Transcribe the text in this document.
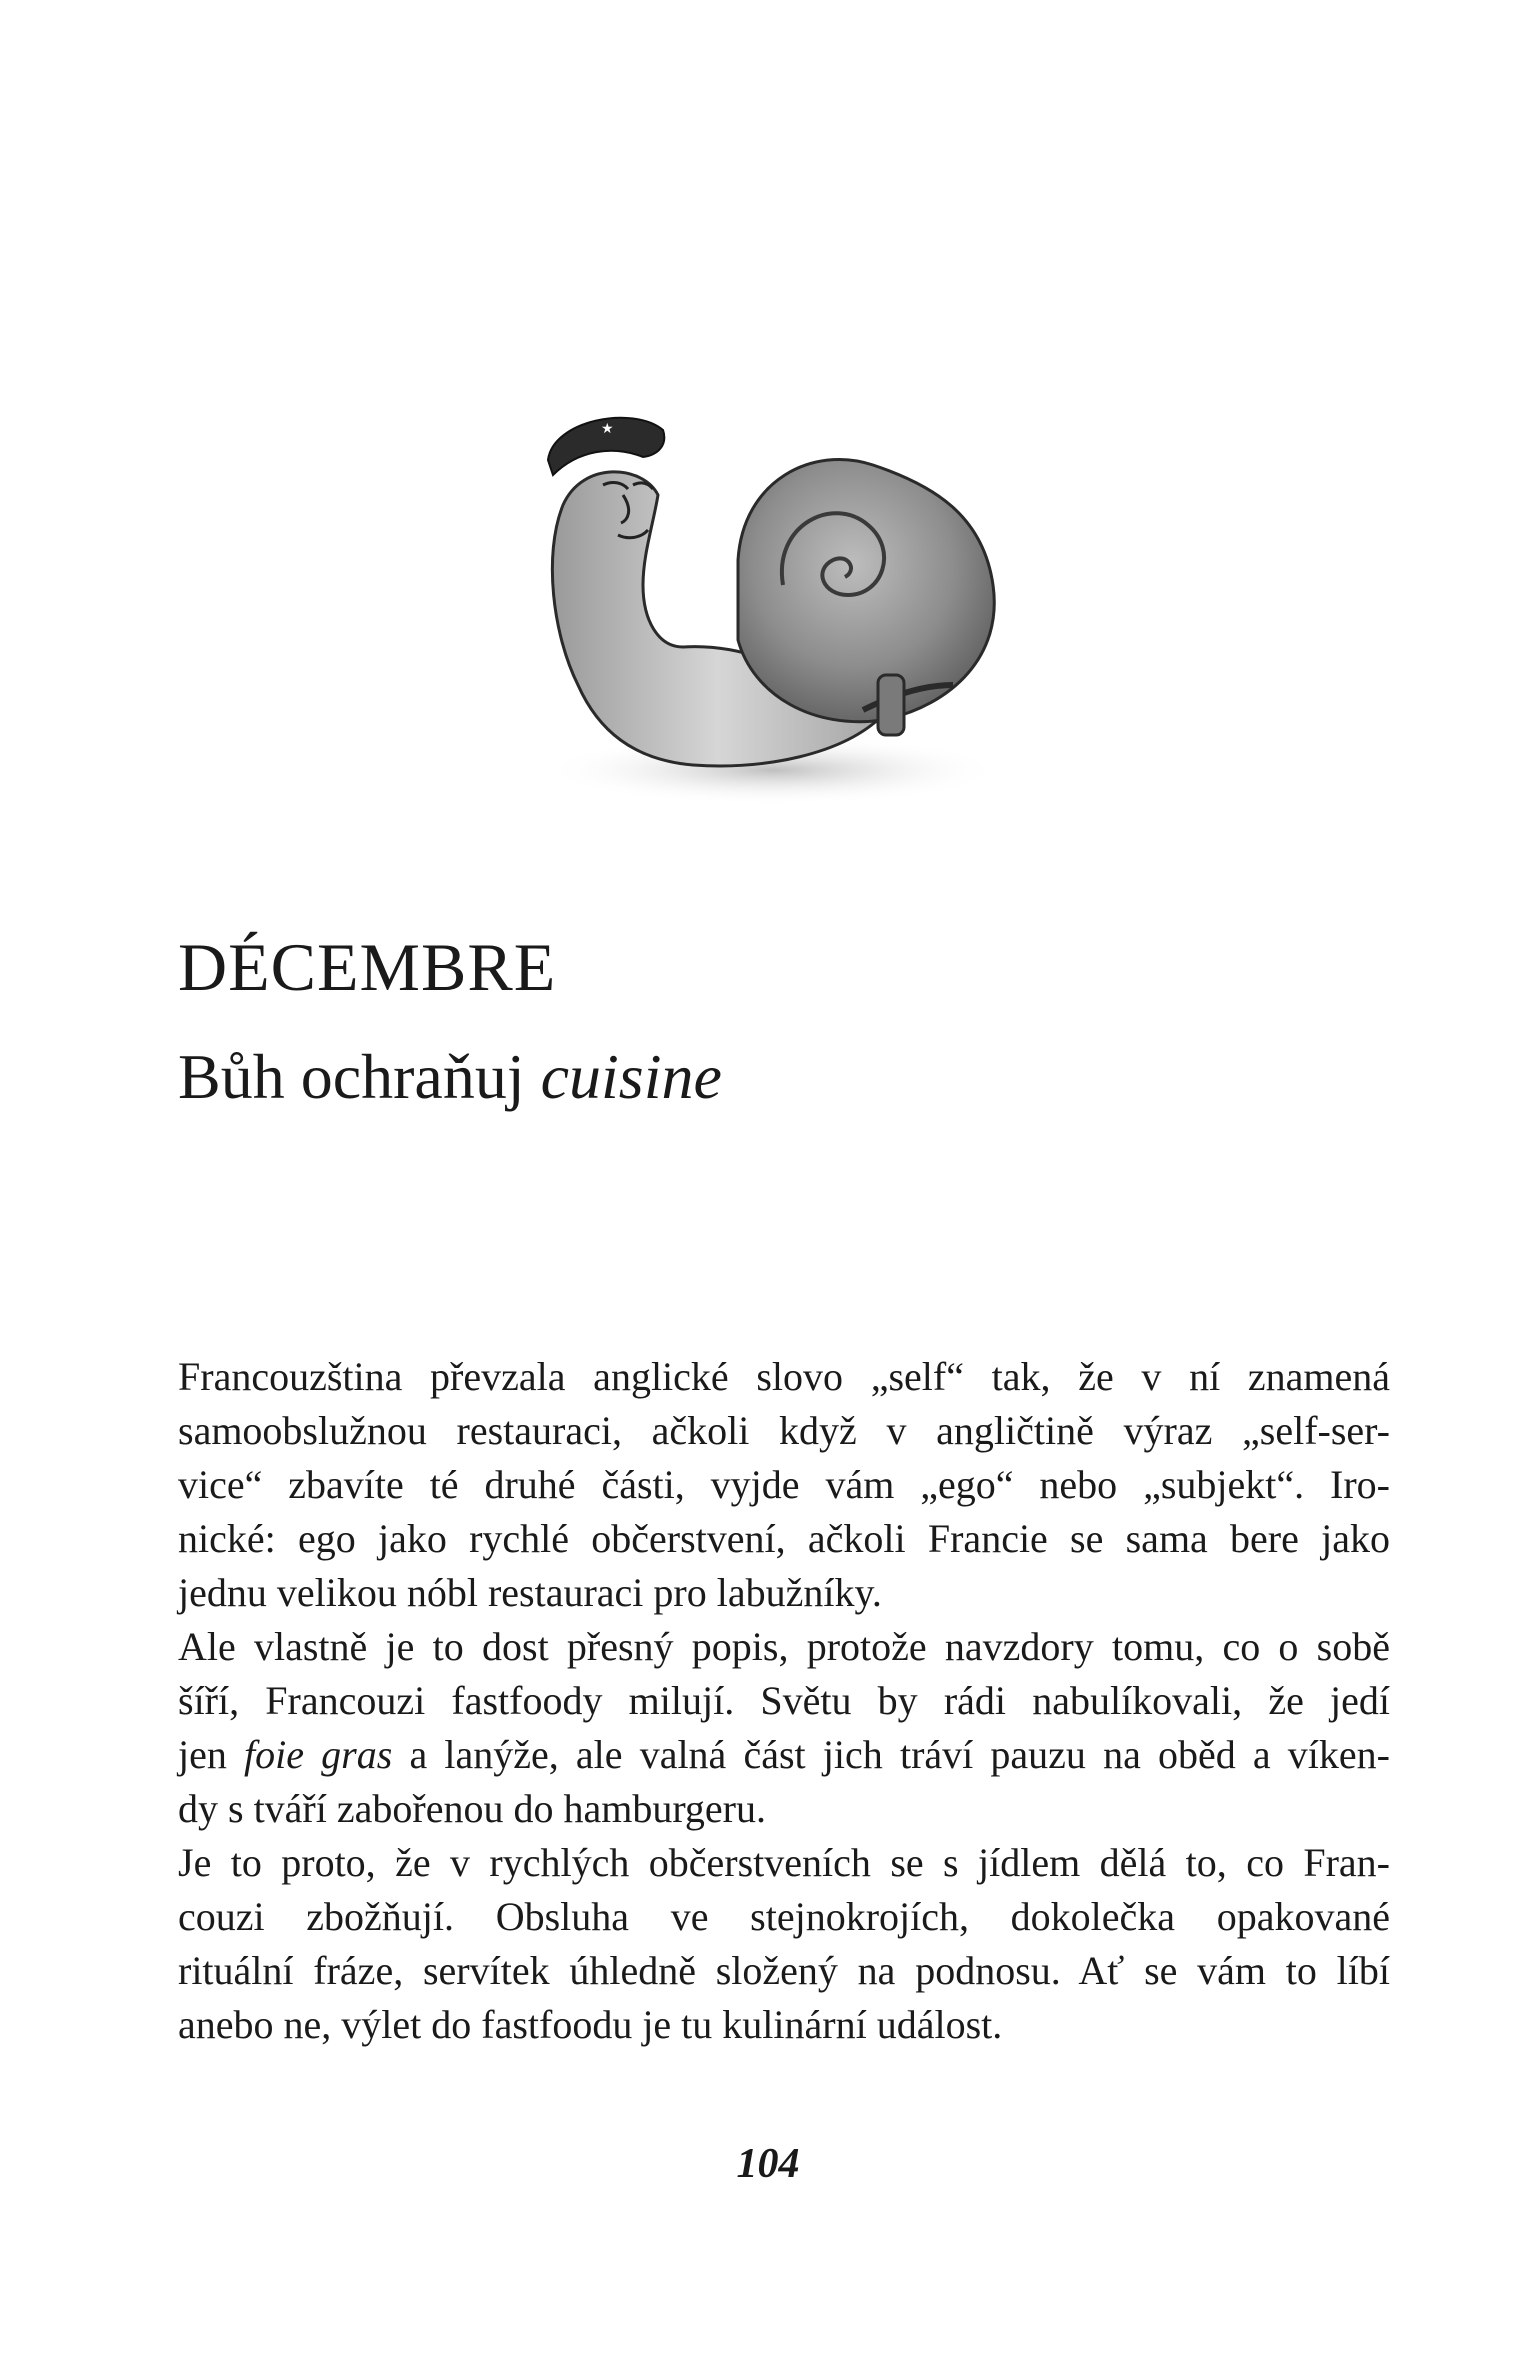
★
DÉCEMBRE
Bůh ochraňuj cuisine
Francouzština převzala anglické slovo „self“ tak, že v ní znamená
samoobslužnou restauraci, ačkoli když v angličtině výraz „self-ser-
vice“ zbavíte té druhé části, vyjde vám „ego“ nebo „subjekt“. Iro-
nické: ego jako rychlé občerstvení, ačkoli Francie se sama bere jako
jednu velikou nóbl restauraci pro labužníky.
Ale vlastně je to dost přesný popis, protože navzdory tomu, co o sobě
šíří, Francouzi fastfoody milují. Světu by rádi nabulíkovali, že jedí
jen foie gras a lanýže, ale valná část jich tráví pauzu na oběd a víken-
dy s tváří zabořenou do hamburgeru.
Je to proto, že v rychlých občerstveních se s jídlem dělá to, co Fran-
couzi zbožňují. Obsluha ve stejnokrojích, dokolečka opakované
rituální fráze, servítek úhledně složený na podnosu. Ať se vám to líbí
anebo ne, výlet do fastfoodu je tu kulinární událost.
104
